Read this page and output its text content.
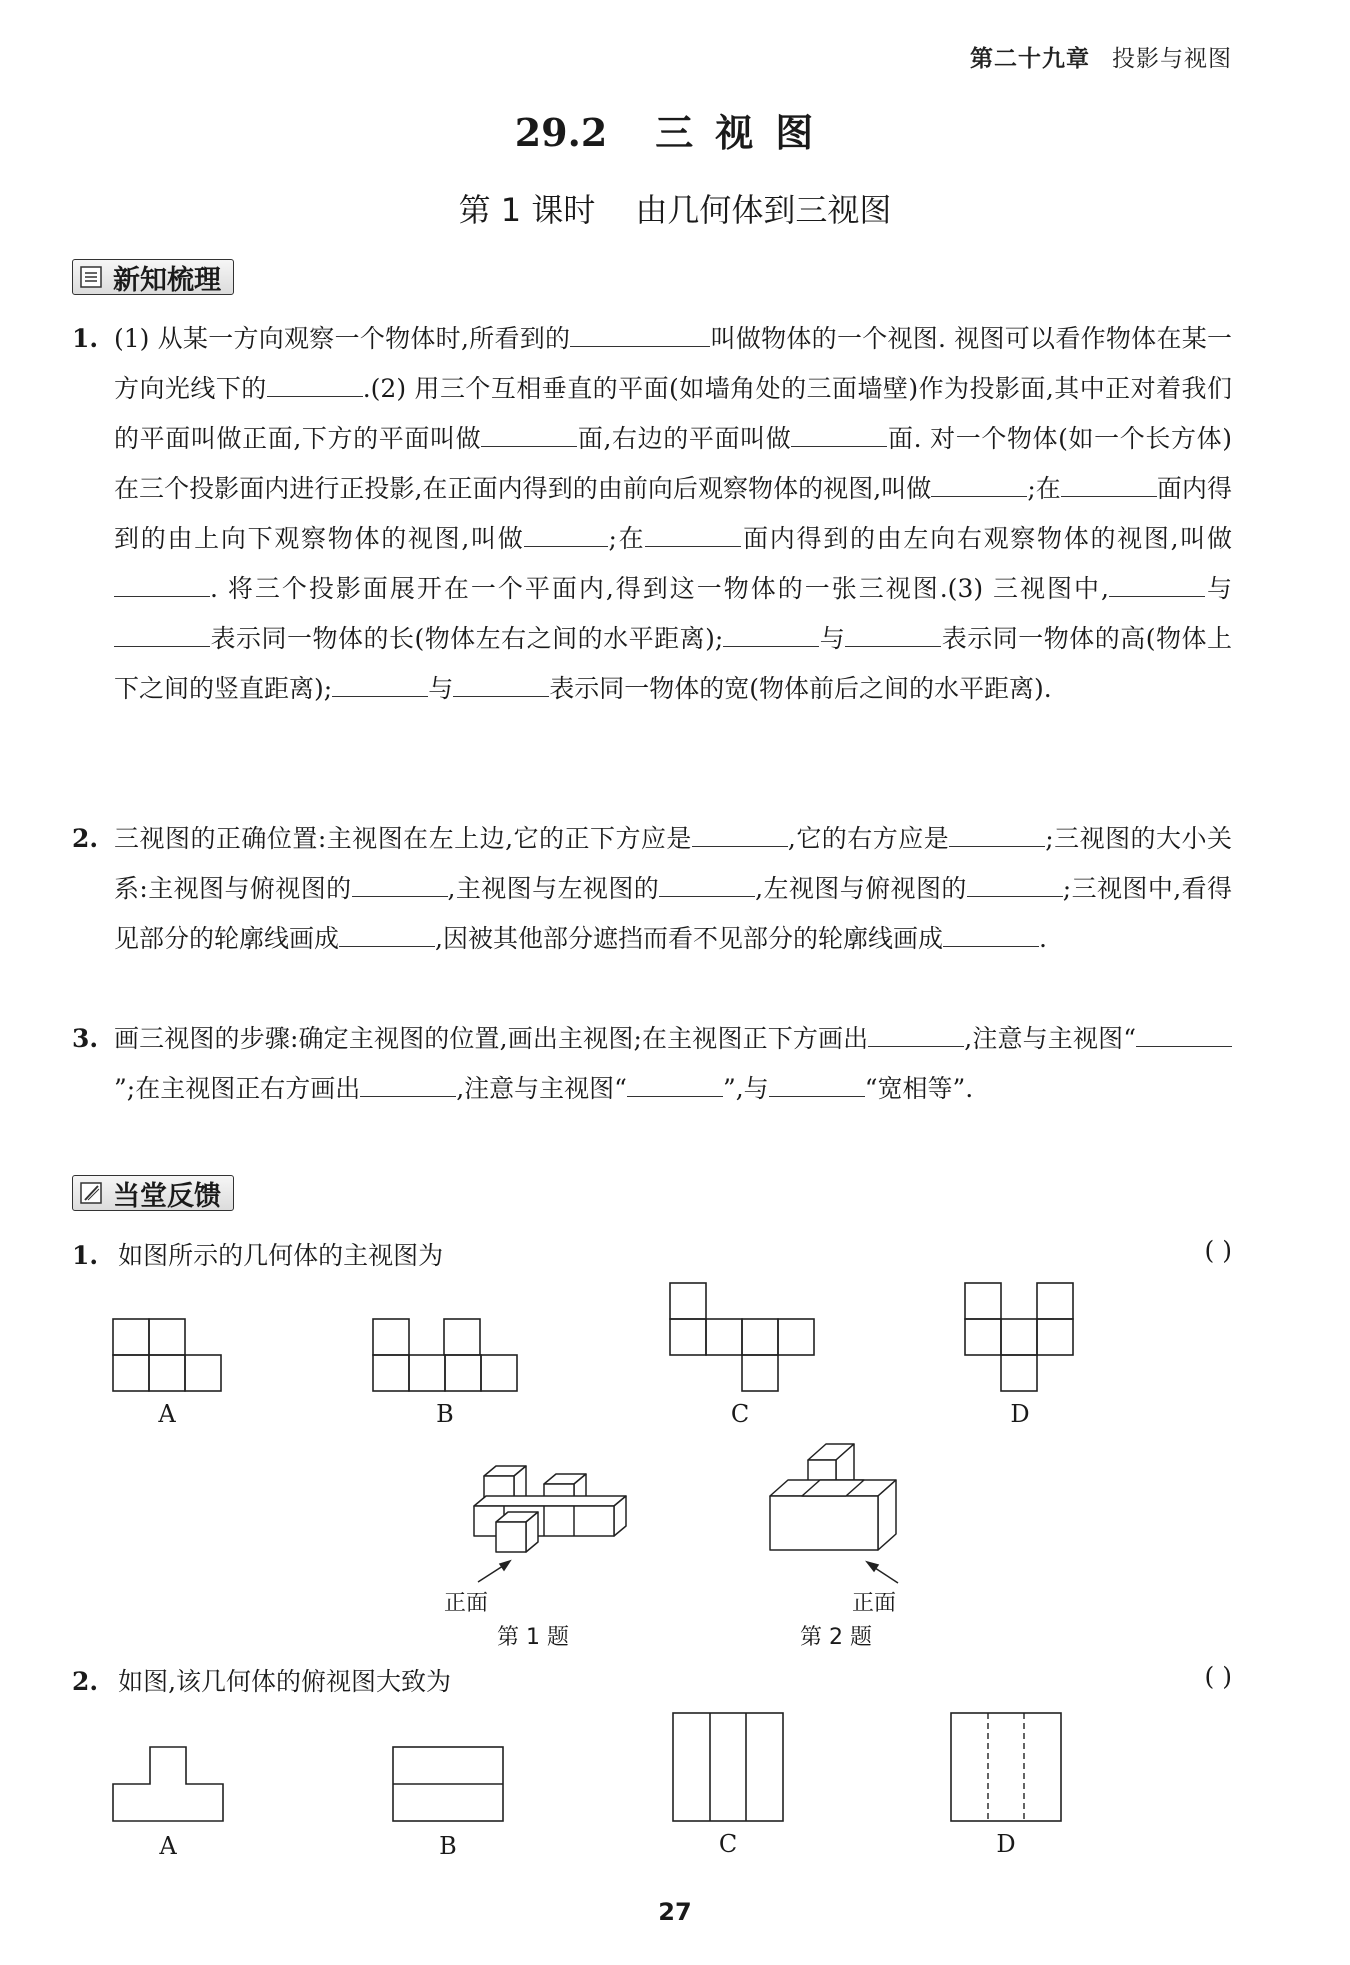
第二十九章 投影与视图
29.2 三视图
第 1 课时 由几何体到三视图
新知梳理
1. (1) 从某一方向观察一个物体时,所看到的	叫做物体的一个视图. 视图可以看作物体在某一方向光线下的	.(2) 用三个互相垂直的平面(如墙角处的三面墙壁)作为投影面,其中正对着我们的平面叫做正面,下方的平面叫做	面,右边的平面叫做	面. 对一个物体(如一个长方体)在三个投影面内进行正投影,在正面内得到的由前向后观察物体的视图,叫做	;在	面内得到的由上向下观察物体的视图,叫做	;在	面内得到的由左向右观察物体的视图,叫做. 将三个投影面展开在一个平面内,得到这一物体的一张三视图.(3) 三视图中,	与表示同一物体的长(物体左右之间的水平距离);	与	表示同一物体的高(物体上下之间的竖直距离);	与	表示同一物体的宽(物体前后之间的水平距离).
2. 三视图的正确位置:主视图在左上边,它的正下方应是	,它的右方应是	;三视图的大小关系:主视图与俯视图的	,主视图与左视图的	,左视图与俯视图的	;三视图中,看得见部分的轮廓线画成	,因被其他部分遮挡而看不见部分的轮廓线画成	.
3. 画三视图的步骤:确定主视图的位置,画出主视图;在主视图正下方画出	,注意与主视图“”;在主视图正右方画出	,注意与主视图“	”,与	“宽相等”.
当堂反馈
1. 如图所示的几何体的主视图为	( )
A	B	C	D
正面
第 1 题
正面
第 2 题
2. 如图,该几何体的俯视图大致为	( )
A	B	C	D
27
